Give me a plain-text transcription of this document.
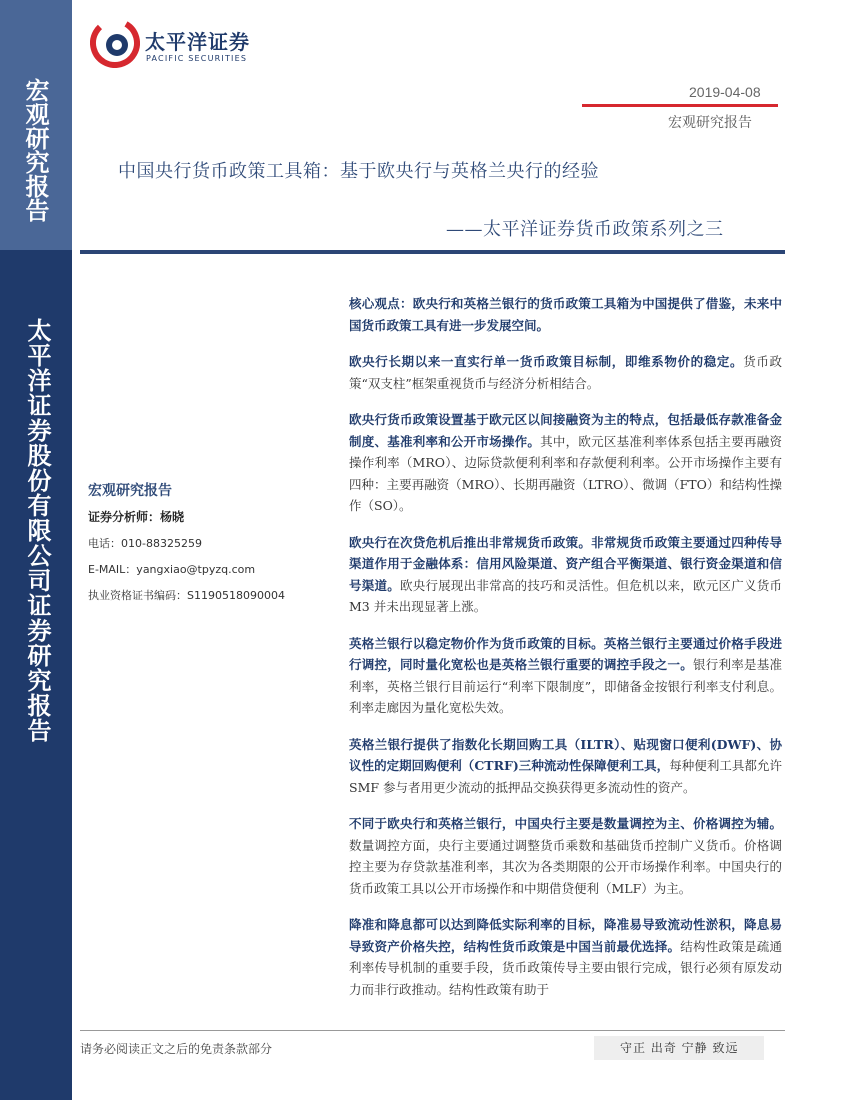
宏观研究报告
太平洋证券股份有限公司证券研究报告
太平洋证券
PACIFIC SECURITIES
2019-04-08
宏观研究报告
中国央行货币政策工具箱：基于欧央行与英格兰央行的经验
——太平洋证券货币政策系列之三
宏观研究报告
证券分析师：杨晓
电话：010-88325259
E-MAIL：yangxiao@tpyzq.com
执业资格证书编码：S1190518090004

核心观点：欧央行和英格兰银行的货币政策工具箱为中国提供了借鉴，未来中国货币政策工具有进一步发展空间。

欧央行长期以来一直实行单一货币政策目标制，即维系物价的稳定。货币政策“双支柱”框架重视货币与经济分析相结合。

欧央行货币政策设置基于欧元区以间接融资为主的特点，包括最低存款准备金制度、基准利率和公开市场操作。其中，欧元区基准利率体系包括主要再融资操作利率（MRO）、边际贷款便利利率和存款便利利率。公开市场操作主要有四种：主要再融资（MRO）、长期再融资（LTRO）、微调（FTO）和结构性操作（SO）。

欧央行在次贷危机后推出非常规货币政策。非常规货币政策主要通过四种传导渠道作用于金融体系：信用风险渠道、资产组合平衡渠道、银行资金渠道和信号渠道。欧央行展现出非常高的技巧和灵活性。但危机以来，欧元区广义货币 M3 并未出现显著上涨。

英格兰银行以稳定物价作为货币政策的目标。英格兰银行主要通过价格手段进行调控，同时量化宽松也是英格兰银行重要的调控手段之一。银行利率是基准利率，英格兰银行目前运行“利率下限制度”，即储备金按银行利率支付利息。利率走廊因为量化宽松失效。

英格兰银行提供了指数化长期回购工具（ILTR）、贴现窗口便利(DWF)、协议性的定期回购便利（CTRF)三种流动性保障便利工具，每种便利工具都允许 SMF 参与者用更少流动的抵押品交换获得更多流动性的资产。

不同于欧央行和英格兰银行，中国央行主要是数量调控为主、价格调控为辅。数量调控方面，央行主要通过调整货币乘数和基础货币控制广义货币。价格调控主要为存贷款基准利率，其次为各类期限的公开市场操作利率。中国央行的货币政策工具以公开市场操作和中期借贷便利（MLF）为主。

降准和降息都可以达到降低实际利率的目标，降准易导致流动性淤积，降息易导致资产价格失控，结构性货币政策是中国当前最优选择。结构性政策是疏通利率传导机制的重要手段，货币政策传导主要由银行完成，银行必须有原发动力而非行政推动。结构性政策有助于

请务必阅读正文之后的免责条款部分	守正 出奇 宁静 致远
